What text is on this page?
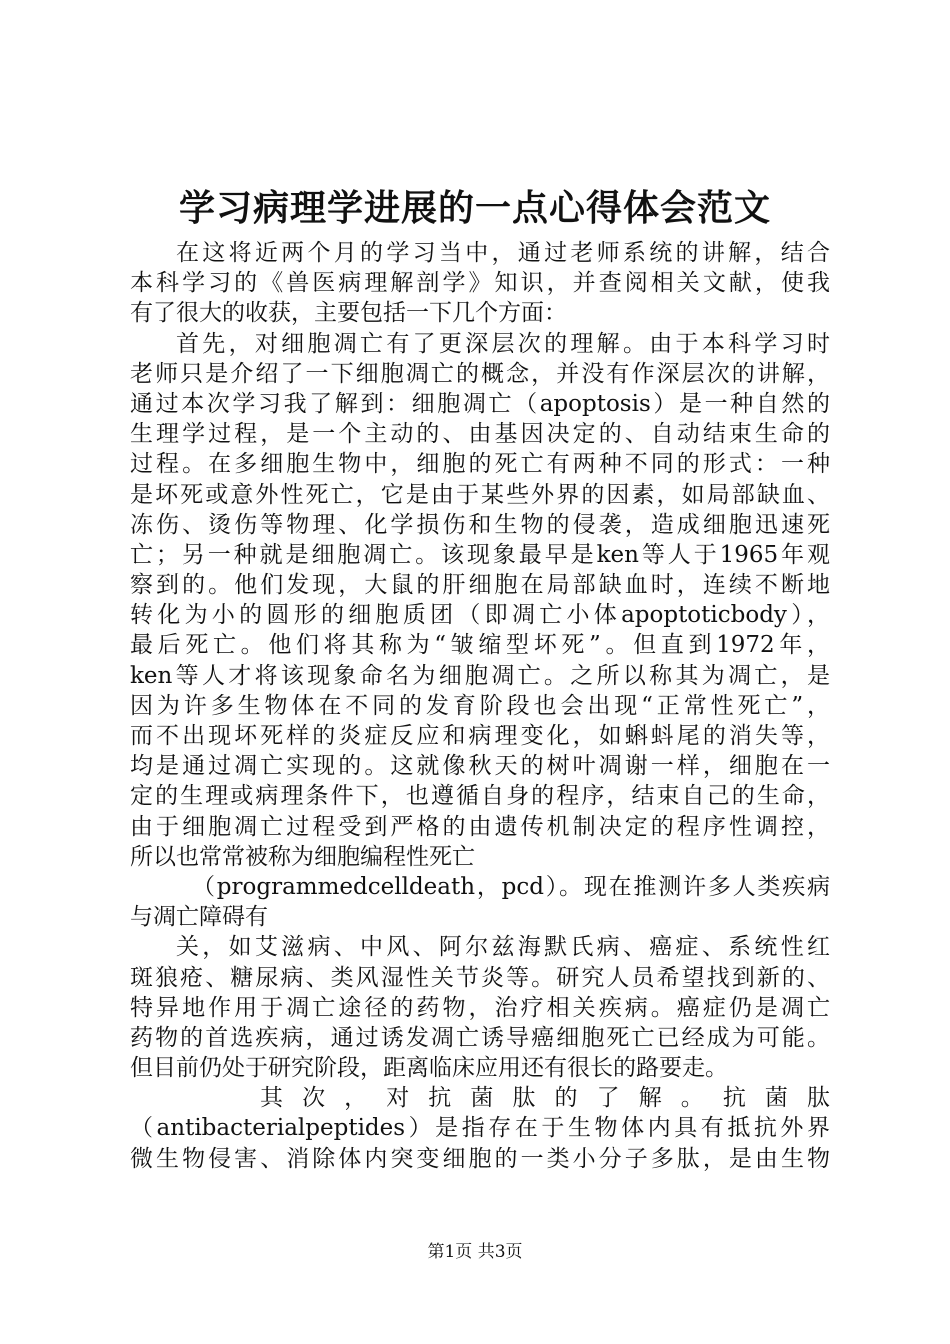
学习病理学进展的一点心得体会范文
在这将近两个月的学习当中，通过老师系统的讲解，结合
本科学习的《兽医病理解剖学》知识，并查阅相关文献，使我
有了很大的收获，主要包括一下几个方面：
首先，对细胞凋亡有了更深层次的理解。由于本科学习时
老师只是介绍了一下细胞凋亡的概念，并没有作深层次的讲解，
通过本次学习我了解到：细胞凋亡（apoptosis）是一种自然的
生理学过程，是一个主动的、由基因决定的、自动结束生命的
过程。在多细胞生物中，细胞的死亡有两种不同的形式：一种
是坏死或意外性死亡，它是由于某些外界的因素，如局部缺血、
冻伤、烫伤等物理、化学损伤和生物的侵袭，造成细胞迅速死
亡；另一种就是细胞凋亡。该现象最早是ken等人于1965年观
察到的。他们发现，大鼠的肝细胞在局部缺血时，连续不断地
转化为小的圆形的细胞质团（即凋亡小体apoptoticbody），
最后死亡。他们将其称为“皱缩型坏死”。但直到1972年，
ken等人才将该现象命名为细胞凋亡。之所以称其为凋亡，是
因为许多生物体在不同的发育阶段也会出现“正常性死亡”，
而不出现坏死样的炎症反应和病理变化，如蝌蚪尾的消失等，
均是通过凋亡实现的。这就像秋天的树叶凋谢一样，细胞在一
定的生理或病理条件下，也遵循自身的程序，结束自己的生命，
由于细胞凋亡过程受到严格的由遗传机制决定的程序性调控，
所以也常常被称为细胞编程性死亡
（programmedcelldeath，pcd）。现在推测许多人类疾病
与凋亡障碍有
关，如艾滋病、中风、阿尔兹海默氏病、癌症、系统性红
斑狼疮、糖尿病、类风湿性关节炎等。研究人员希望找到新的、
特异地作用于凋亡途径的药物，治疗相关疾病。癌症仍是凋亡
药物的首选疾病，通过诱发凋亡诱导癌细胞死亡已经成为可能。
但目前仍处于研究阶段，距离临床应用还有很长的路要走。
其 次 ， 对 抗 菌 肽 的 了 解 。 抗 菌 肽
（antibacterialpeptides）是指存在于生物体内具有抵抗外界
微生物侵害、消除体内突变细胞的一类小分子多肽，是由生物
第1页 共3页
